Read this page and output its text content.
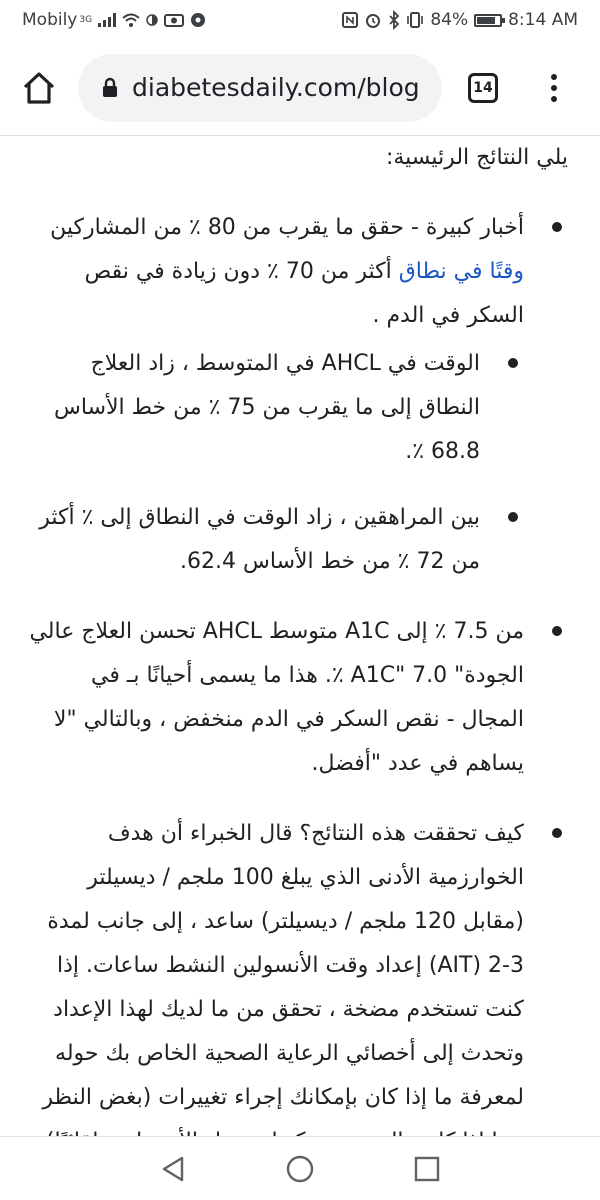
Mobily 3G	84% 8:14 AM
diabetesdaily.com/blog	14

يلي النتائج الرئيسية:

أخبار كبيرة - حقق ما يقرب من 80 ٪ من المشاركين وقتًا في نطاق أكثر من 70 ٪ دون زيادة في نقص السكر في الدم .
الوقت في AHCL في المتوسط ، زاد العلاج النطاق إلى ما يقرب من 75 ٪ من خط الأساس 68.8 ٪.
بين المراهقين ، زاد الوقت في النطاق إلى ٪ أكثر من 72 ٪ من خط الأساس 62.4.
من 7.5 ٪ إلى A1C متوسط AHCL تحسن العلاج عالي الجودة" A1C" 7.0 ٪. هذا ما يسمى أحيانًا بـ في المجال - نقص السكر في الدم منخفض ، وبالتالي "لا يساهم في عدد "أفضل.
كيف تحققت هذه النتائج؟ قال الخبراء أن هدف الخوارزمية الأدنى الذي يبلغ 100 ملجم / ديسيلتر (مقابل 120 ملجم / ديسيلتر) ساعد ، إلى جانب لمدة 3-2 (AIT) إعداد وقت الأنسولين النشط ساعات. إذا كنت تستخدم مضخة ، تحقق من ما لديك لهذا الإعداد وتحدث إلى أخصائي الرعاية الصحية الخاص بك حوله لمعرفة ما إذا كان بإمكانك إجراء تغييرات (بغض النظر
